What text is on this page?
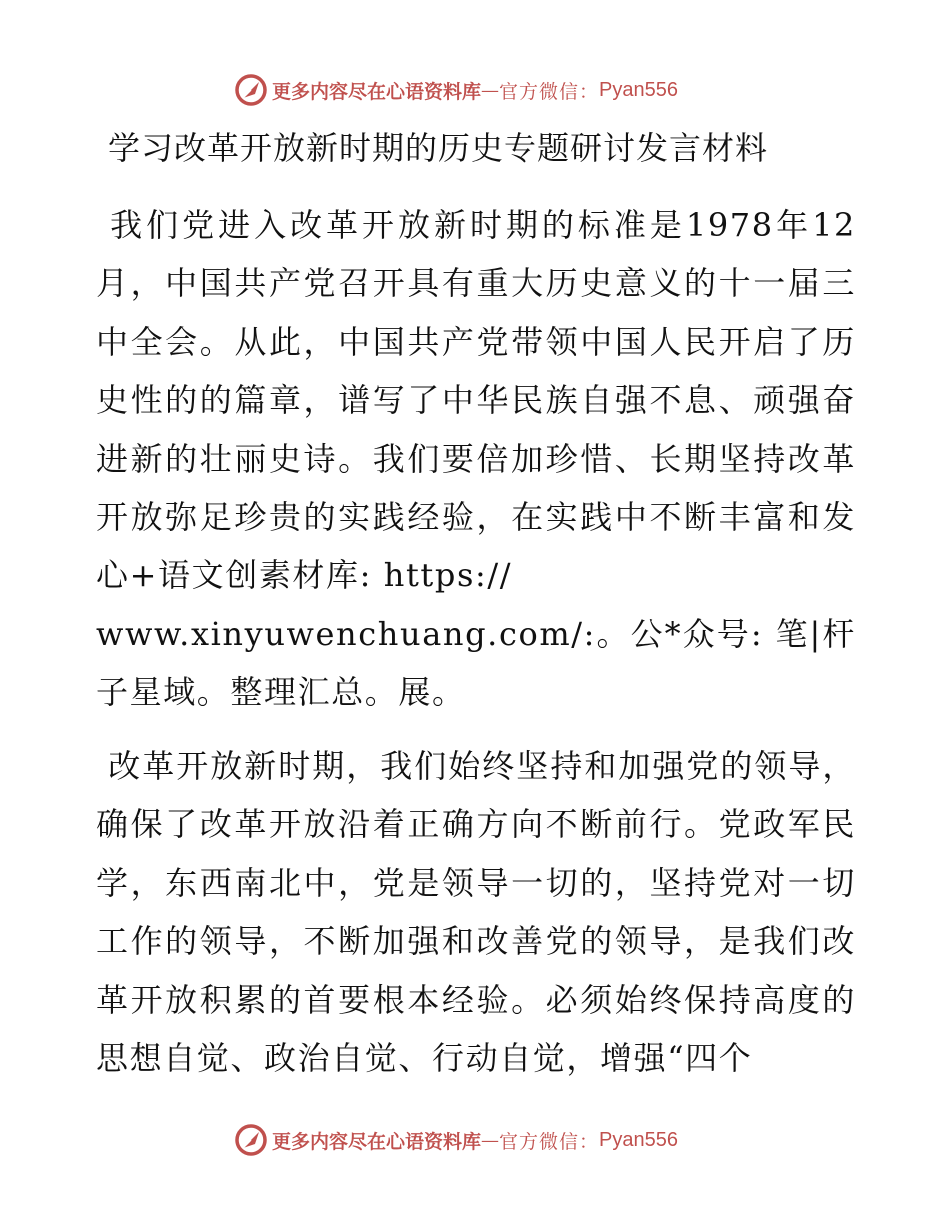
更多内容尽在心语资料库 — 官方微信： Pyan556
学习改革开放新时期的历史专题研讨发言材料
我们党进入改革开放新时期的标准是1978年12月，中国共产党召开具有重大历史意义的十一届三中全会。从此，中国共产党带领中国人民开启了历史性的的篇章，谱写了中华民族自强不息、顽强奋进新的壮丽史诗。我们要倍加珍惜、长期坚持改革开放弥足珍贵的实践经验，在实践中不断丰富和发心+语文创素材库: https://
www.xinyuwenchuang.com/:。公*众号: 笔|杆子星域。整理汇总。展。
改革开放新时期，我们始终坚持和加强党的领导，确保了改革开放沿着正确方向不断前行。党政军民学，东西南北中，党是领导一切的，坚持党对一切工作的领导，不断加强和改善党的领导，是我们改革开放积累的首要根本经验。必须始终保持高度的思想自觉、政治自觉、行动自觉，增强“四个
更多内容尽在心语资料库 — 官方微信： Pyan556
